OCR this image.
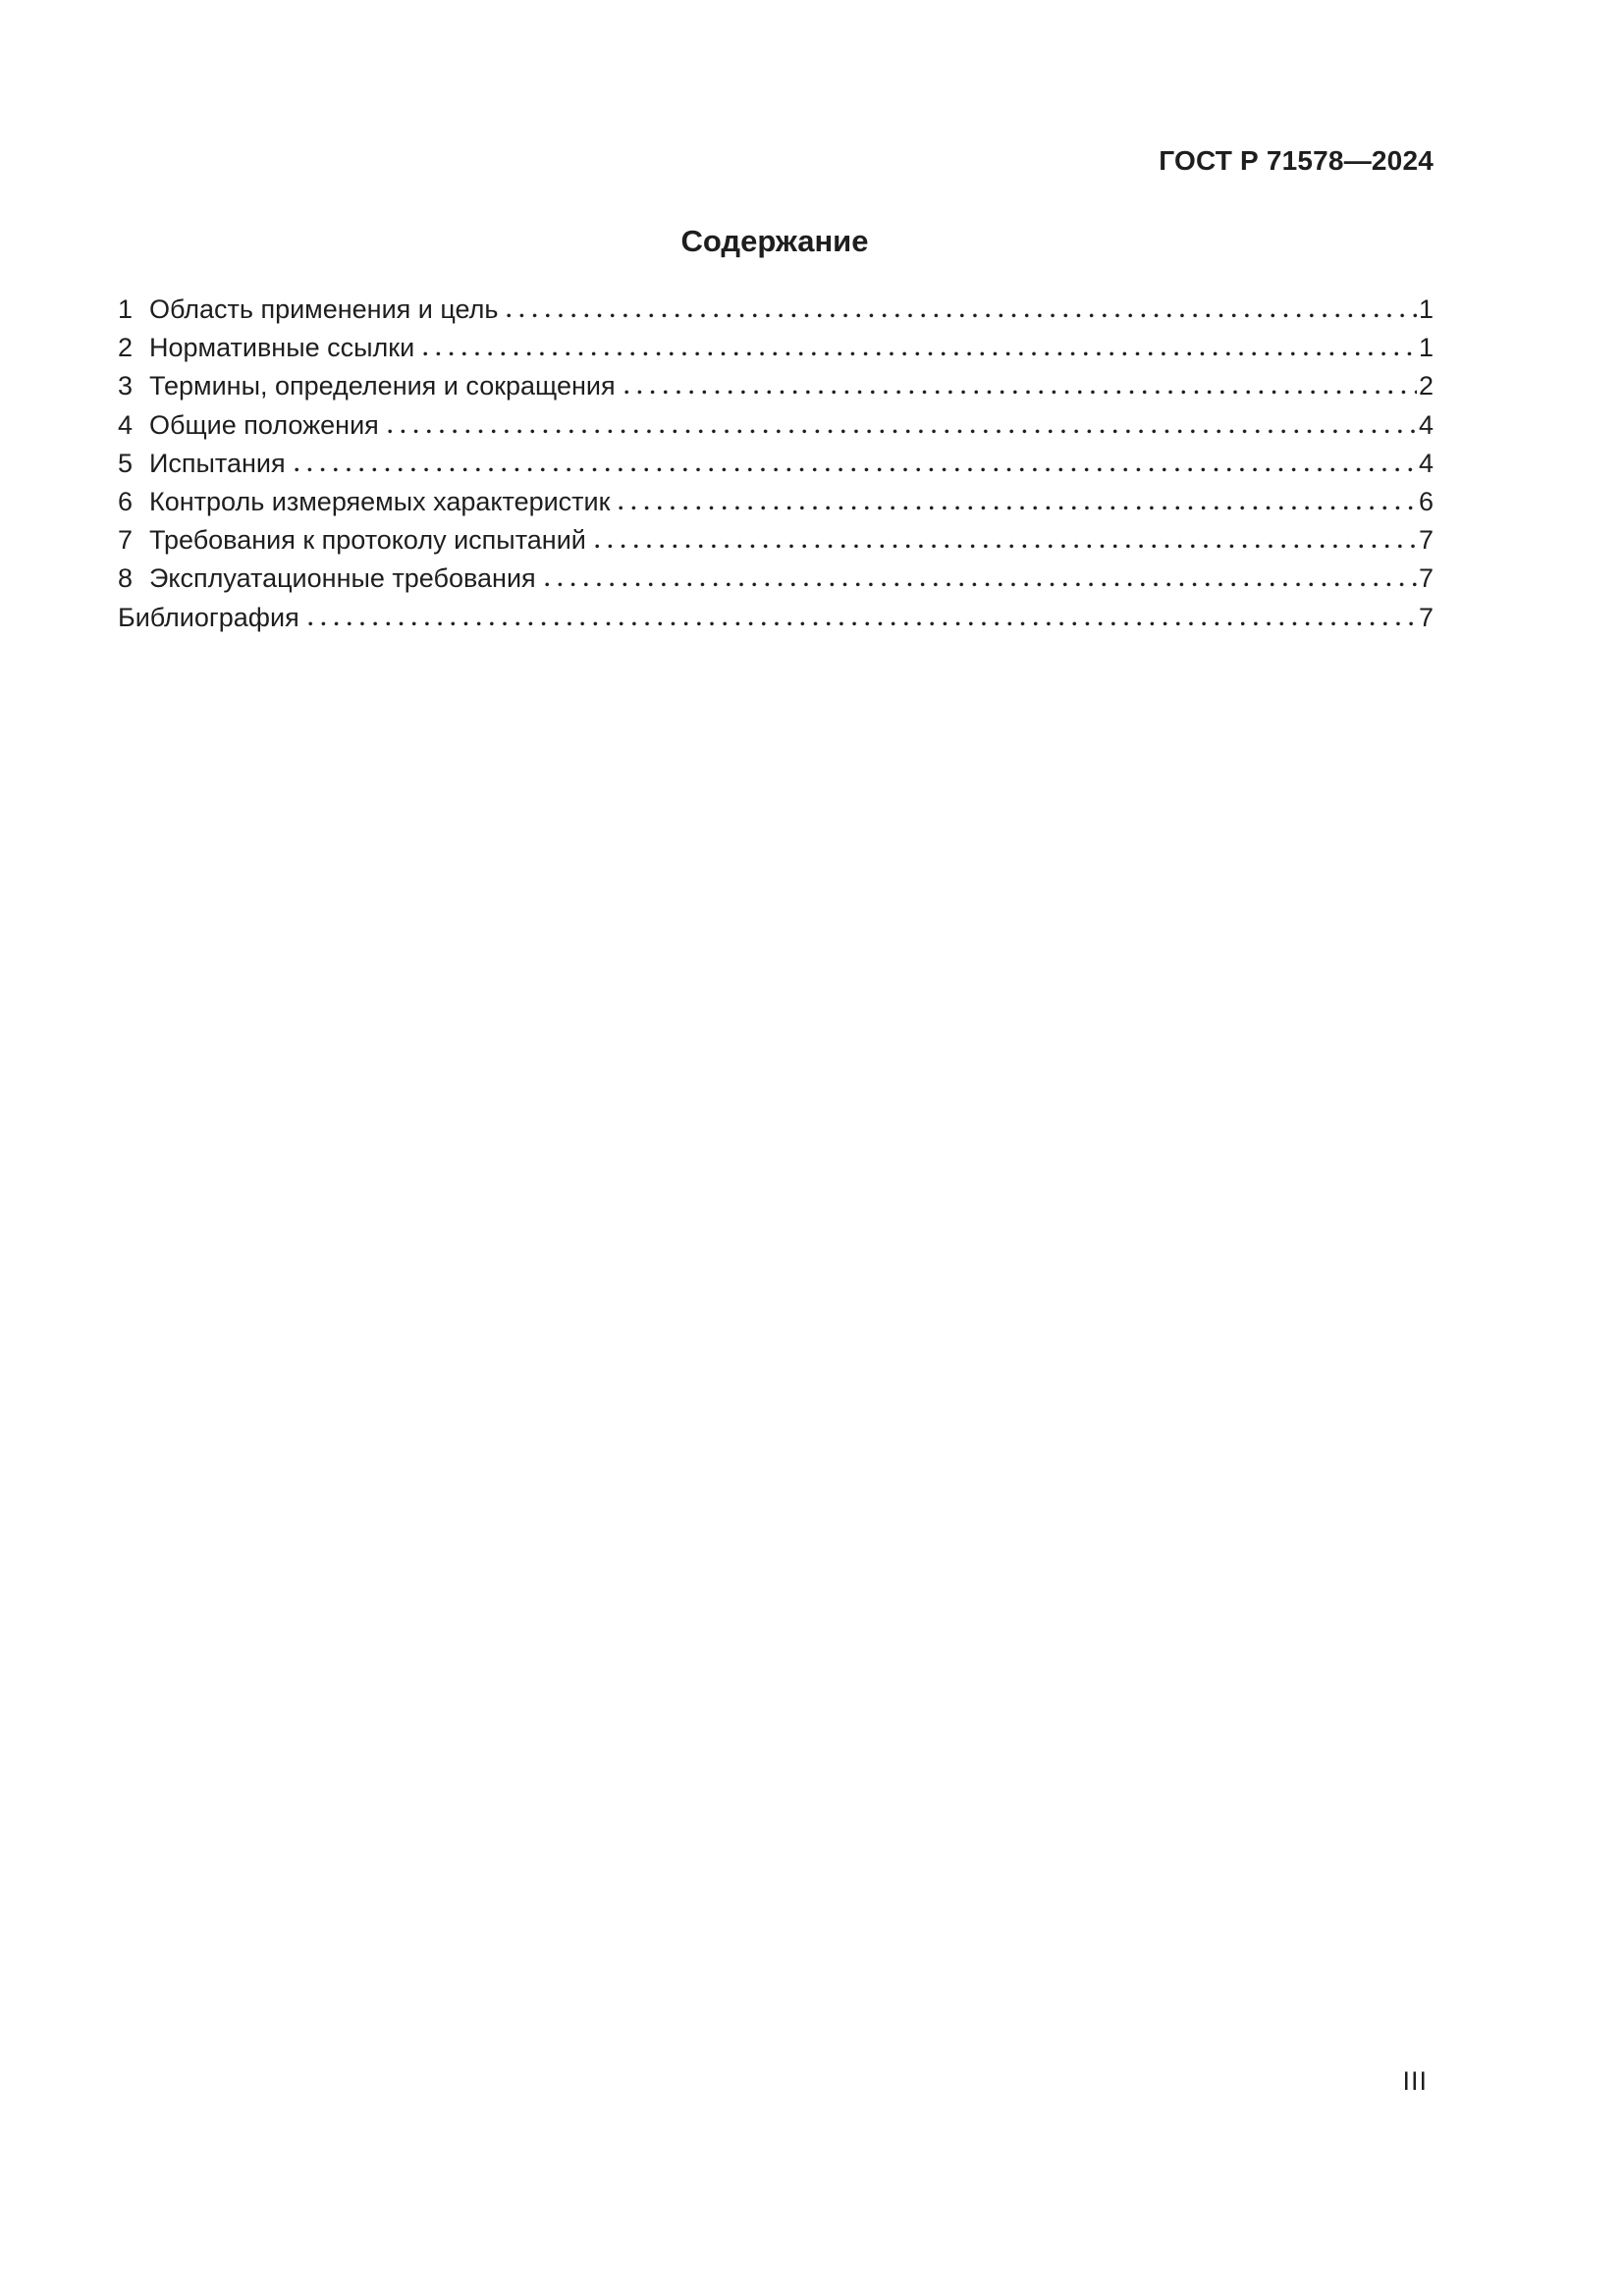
ГОСТ Р 71578—2024
Содержание
1 Область применения и цель	1
2 Нормативные ссылки	1
3 Термины, определения и сокращения	2
4 Общие положения	4
5 Испытания	4
6 Контроль измеряемых характеристик	6
7 Требования к протоколу испытаний	7
8 Эксплуатационные требования	7
Библиография	7
III
